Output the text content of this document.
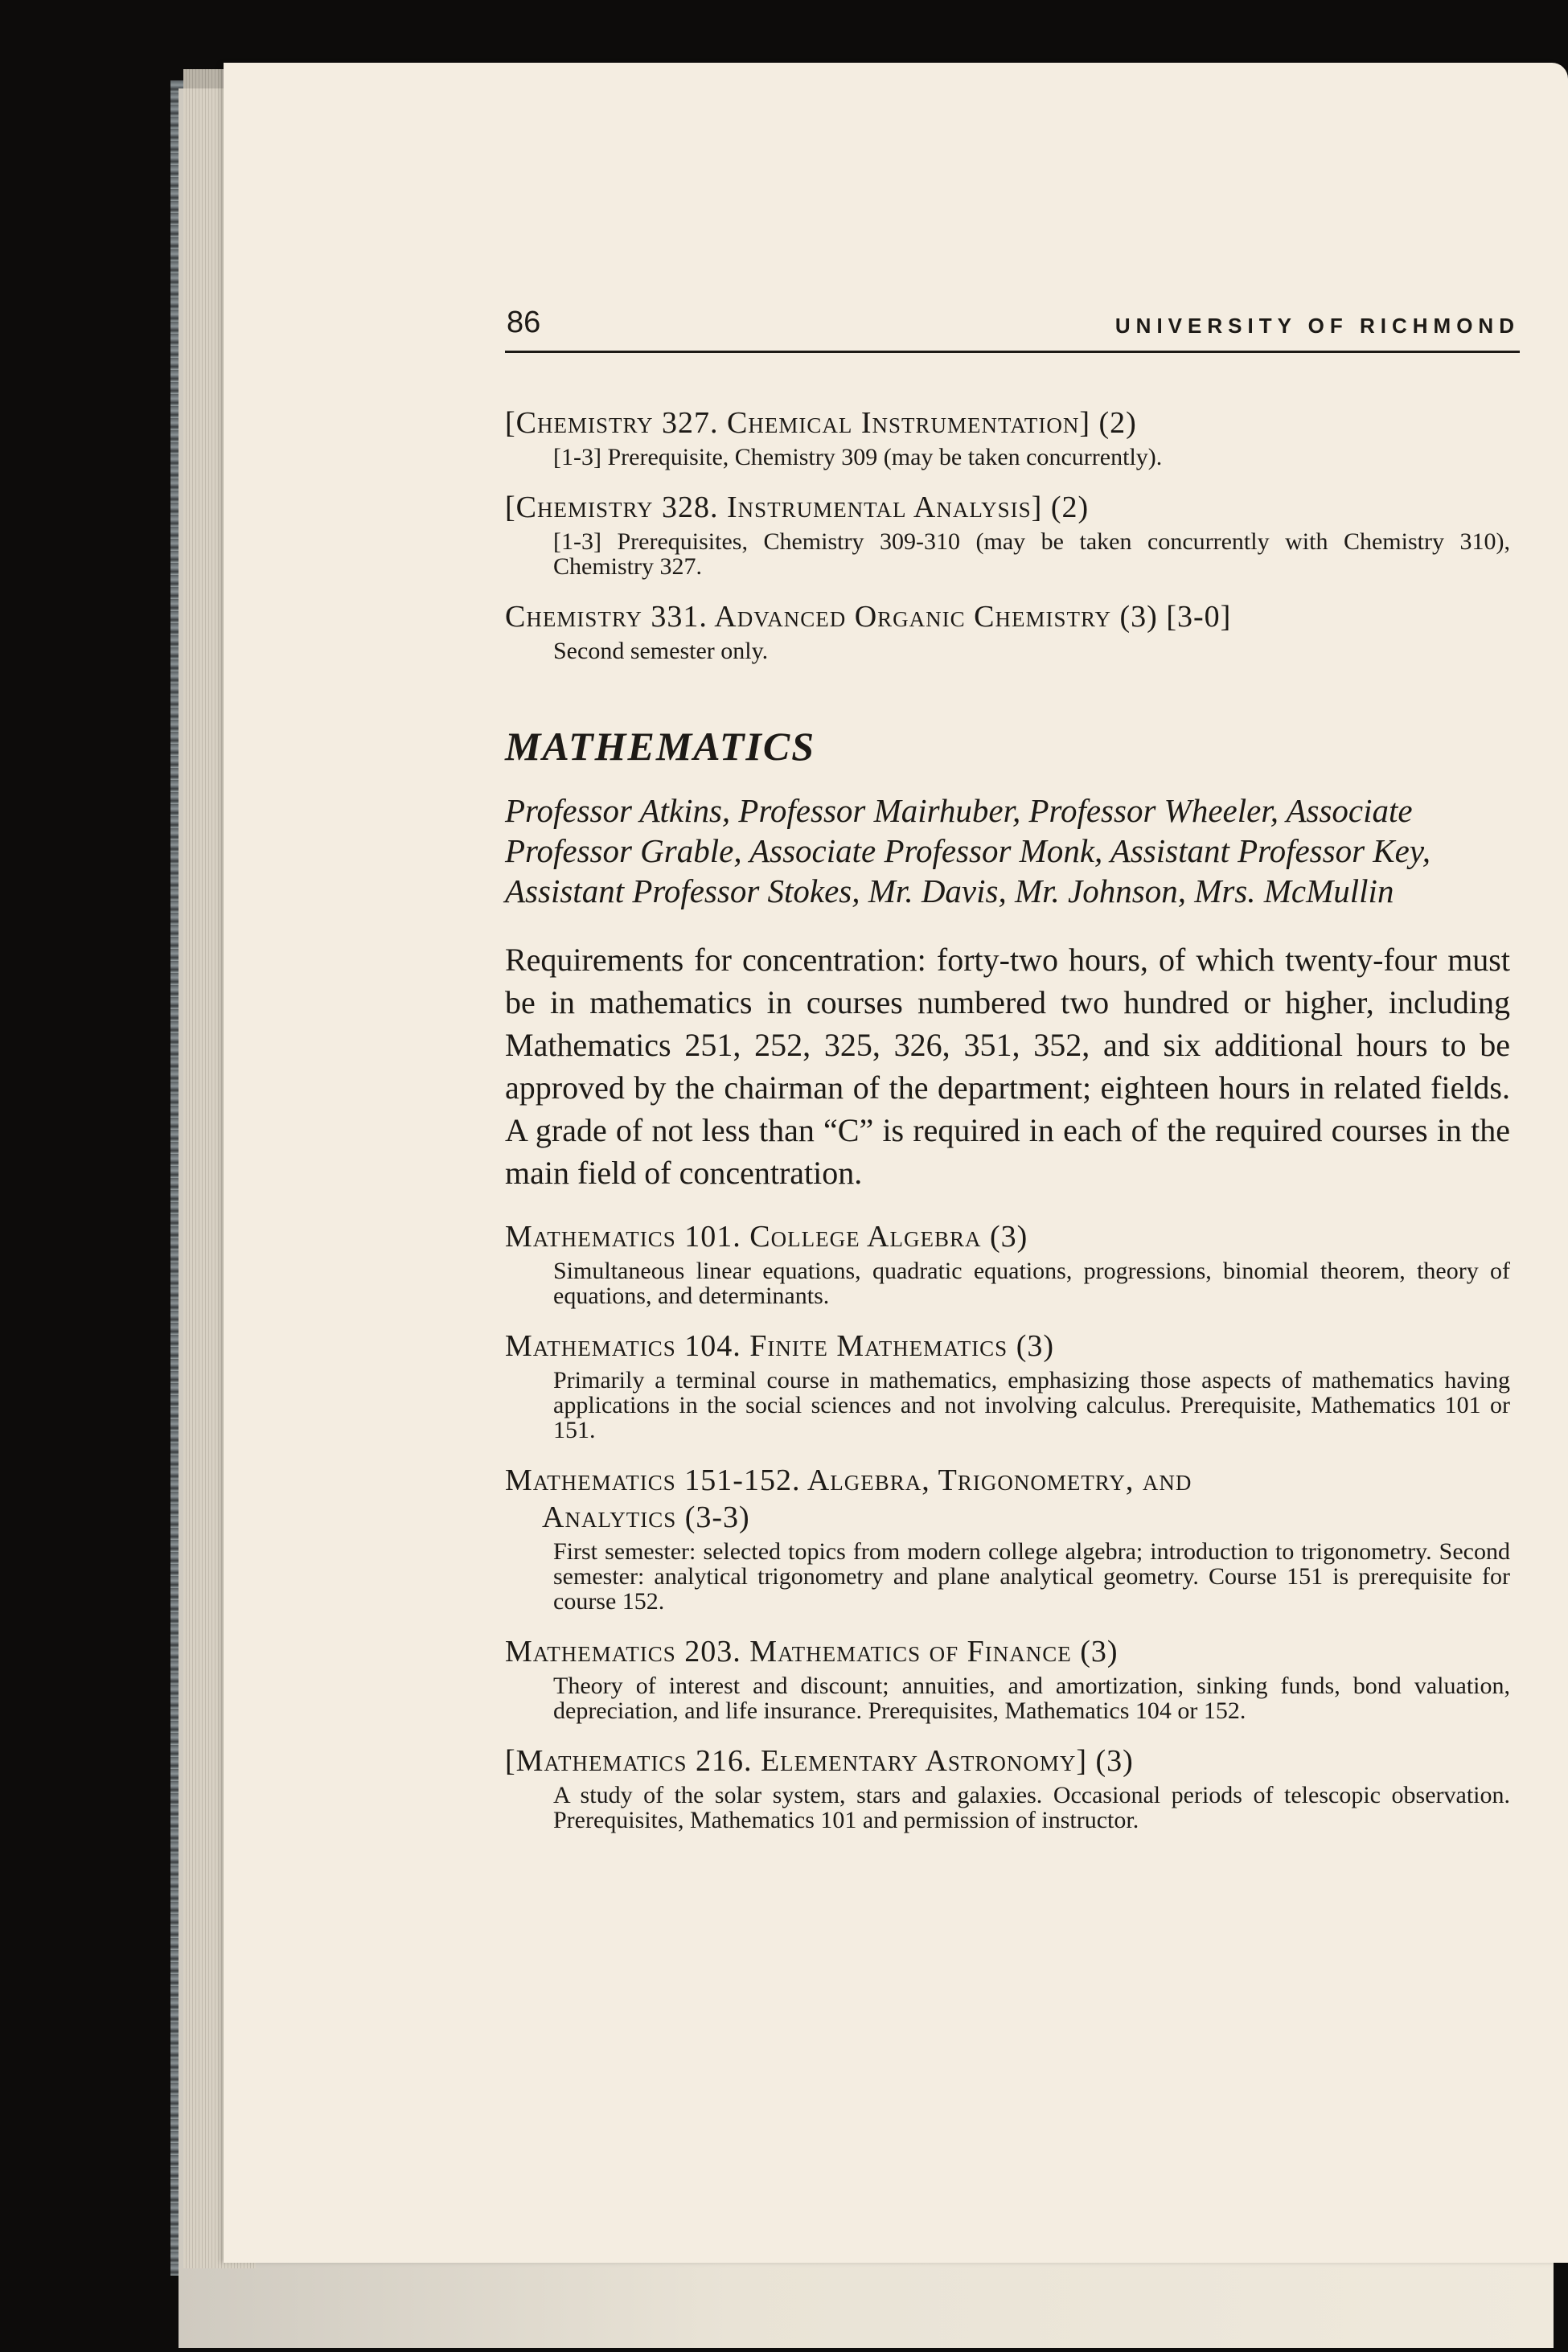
86	UNIVERSITY OF RICHMOND

[Chemistry 327. Chemical Instrumentation] (2)

[1-3] Prerequisite, Chemistry 309 (may be taken concurrently).

[Chemistry 328. Instrumental Analysis] (2)

[1-3] Prerequisites, Chemistry 309-310 (may be taken concurrently with Chemistry 310), Chemistry 327.

Chemistry 331. Advanced Organic Chemistry (3) [3-0]

Second semester only.

MATHEMATICS

Professor Atkins, Professor Mairhuber, Professor Wheeler, Associate

Professor Grable, Associate Professor Monk, Assistant Professor Key,

Assistant Professor Stokes, Mr. Davis, Mr. Johnson, Mrs. McMullin

Requirements for concentration: forty-two hours, of which twenty-four must be in mathematics in courses numbered two hundred or higher, including Mathematics 251, 252, 325, 326, 351, 352, and six additional hours to be approved by the chairman of the department; eighteen hours in related fields. A grade of not less than “C” is required in each of the required courses in the main field of concentration.

Mathematics 101. College Algebra (3)

Simultaneous linear equations, quadratic equations, progressions, binomial theorem, theory of equations, and determinants.

Mathematics 104. Finite Mathematics (3)

Primarily a terminal course in mathematics, emphasizing those aspects of mathematics having applications in the social sciences and not involving calculus. Prerequisite, Mathematics 101 or 151.

Mathematics 151-152. Algebra, Trigonometry, and

Analytics (3-3)

First semester: selected topics from modern college algebra; introduction to trigonometry. Second semester: analytical trigonometry and plane analytical geometry. Course 151 is prerequisite for course 152.

Mathematics 203. Mathematics of Finance (3)

Theory of interest and discount; annuities, and amortization, sinking funds, bond valuation, depreciation, and life insurance. Prerequisites, Mathematics 104 or 152.

[Mathematics 216. Elementary Astronomy] (3)

A study of the solar system, stars and galaxies. Occasional periods of telescopic observation. Prerequisites, Mathematics 101 and permission of instructor.
